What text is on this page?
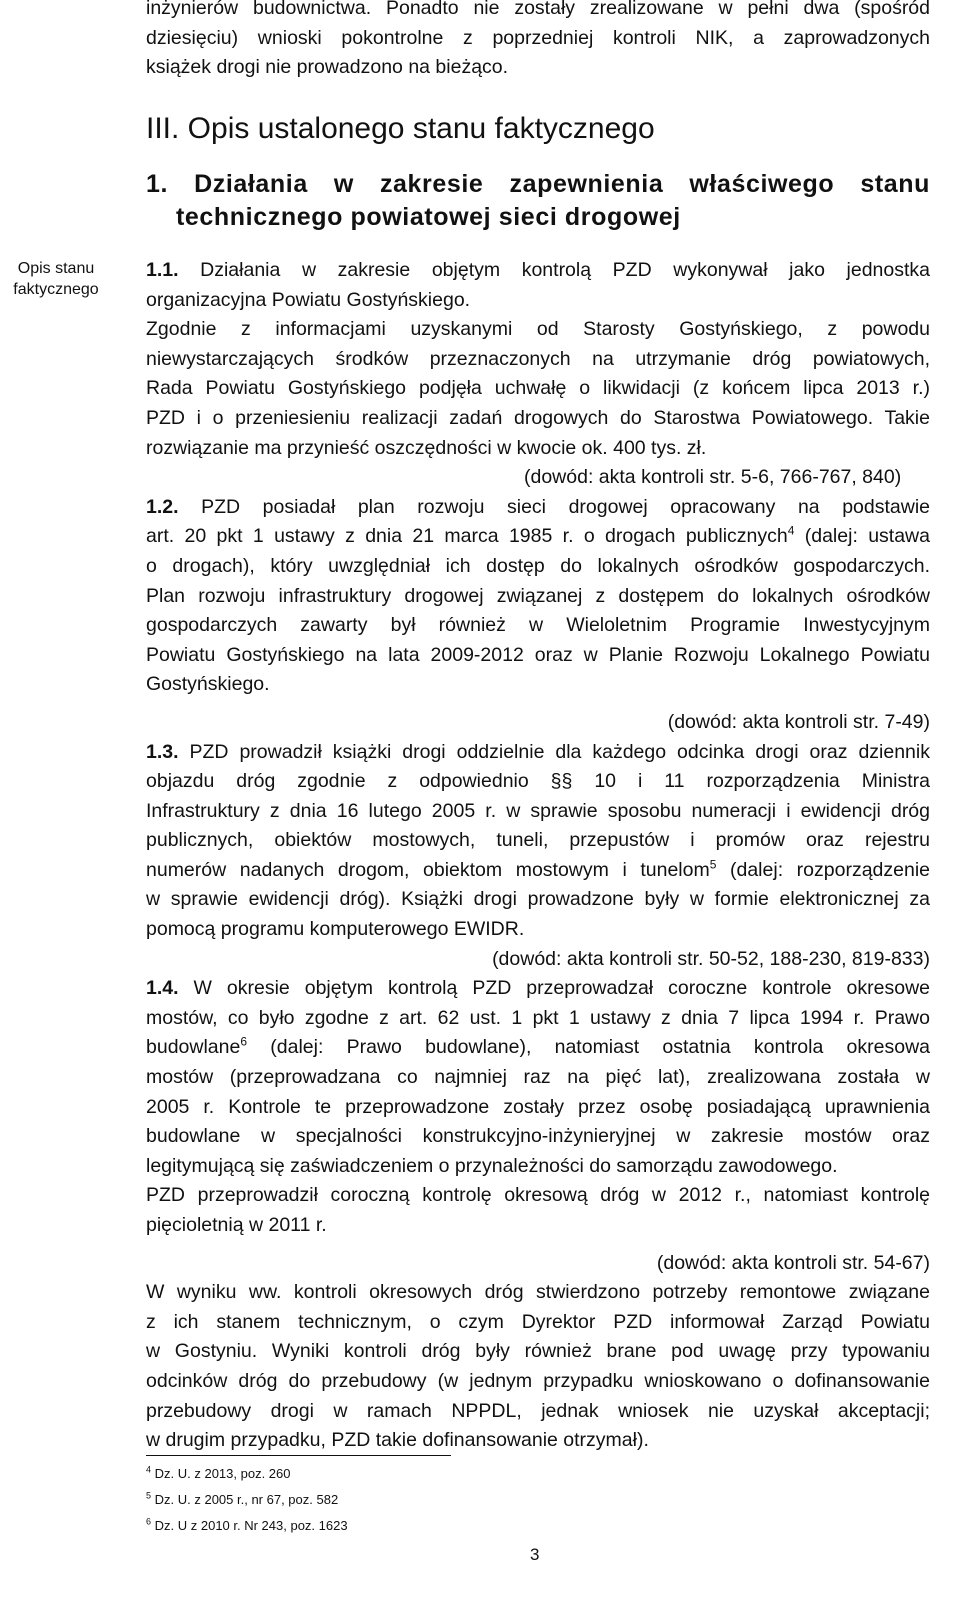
inżynierów budownictwa. Ponadto nie zostały zrealizowane w pełni dwa (spośród
dziesięciu) wnioski pokontrolne z poprzedniej kontroli NIK, a zaprowadzonych
książek drogi nie prowadzono na bieżąco.
III. Opis ustalonego stanu faktycznego
1. Działania w zakresie zapewnienia właściwego stanu
technicznego powiatowej sieci drogowej
Opis stanu
faktycznego
1.1. Działania w zakresie objętym kontrolą PZD wykonywał jako jednostka
organizacyjna Powiatu Gostyńskiego.
Zgodnie z informacjami uzyskanymi od Starosty Gostyńskiego, z powodu
niewystarczających środków przeznaczonych na utrzymanie dróg powiatowych,
Rada Powiatu Gostyńskiego podjęła uchwałę o likwidacji (z końcem lipca 2013 r.)
PZD i o przeniesieniu realizacji zadań drogowych do Starostwa Powiatowego. Takie
rozwiązanie ma przynieść oszczędności w kwocie ok. 400 tys. zł.
(dowód: akta kontroli str. 5-6, 766-767, 840)
1.2. PZD posiadał plan rozwoju sieci drogowej opracowany na podstawie
art. 20 pkt 1 ustawy z dnia 21 marca 1985 r. o drogach publicznych$^4$ (dalej: ustawa
o drogach), który uwzględniał ich dostęp do lokalnych ośrodków gospodarczych.
Plan rozwoju infrastruktury drogowej związanej z dostępem do lokalnych ośrodków
gospodarczych zawarty był również w Wieloletnim Programie Inwestycyjnym
Powiatu Gostyńskiego na lata 2009-2012 oraz w Planie Rozwoju Lokalnego Powiatu
Gostyńskiego.
(dowód: akta kontroli str. 7-49)
1.3. PZD prowadził książki drogi oddzielnie dla każdego odcinka drogi oraz dziennik
objazdu dróg zgodnie z odpowiednio §§ 10 i 11 rozporządzenia Ministra
Infrastruktury z dnia 16 lutego 2005 r. w sprawie sposobu numeracji i ewidencji dróg
publicznych, obiektów mostowych, tuneli, przepustów i promów oraz rejestru
numerów nadanych drogom, obiektom mostowym i tunelom$^5$ (dalej: rozporządzenie
w sprawie ewidencji dróg). Książki drogi prowadzone były w formie elektronicznej za
pomocą programu komputerowego EWIDR.
(dowód: akta kontroli str. 50-52, 188-230, 819-833)
1.4. W okresie objętym kontrolą PZD przeprowadzał coroczne kontrole okresowe
mostów, co było zgodne z art. 62 ust. 1 pkt 1 ustawy z dnia 7 lipca 1994 r. Prawo
budowlane$^6$ (dalej: Prawo budowlane), natomiast ostatnia kontrola okresowa
mostów (przeprowadzana co najmniej raz na pięć lat), zrealizowana została w
2005 r. Kontrole te przeprowadzone zostały przez osobę posiadającą uprawnienia
budowlane w specjalności konstrukcyjno-inżynieryjnej w zakresie mostów oraz
legitymującą się zaświadczeniem o przynależności do samorządu zawodowego.
PZD przeprowadził coroczną kontrolę okresową dróg w 2012 r., natomiast kontrolę
pięcioletnią w 2011 r.
(dowód: akta kontroli str. 54-67)
W wyniku ww. kontroli okresowych dróg stwierdzono potrzeby remontowe związane
z ich stanem technicznym, o czym Dyrektor PZD informował Zarząd Powiatu
w Gostyniu. Wyniki kontroli dróg były również brane pod uwagę przy typowaniu
odcinków dróg do przebudowy (w jednym przypadku wnioskowano o dofinansowanie
przebudowy drogi w ramach NPPDL, jednak wniosek nie uzyskał akceptacji;
w drugim przypadku, PZD takie dofinansowanie otrzymał).
$^4$ Dz. U. z 2013, poz. 260
$^5$ Dz. U. z 2005 r., nr 67, poz. 582
$^6$ Dz. U z 2010 r. Nr 243, poz. 1623
3
